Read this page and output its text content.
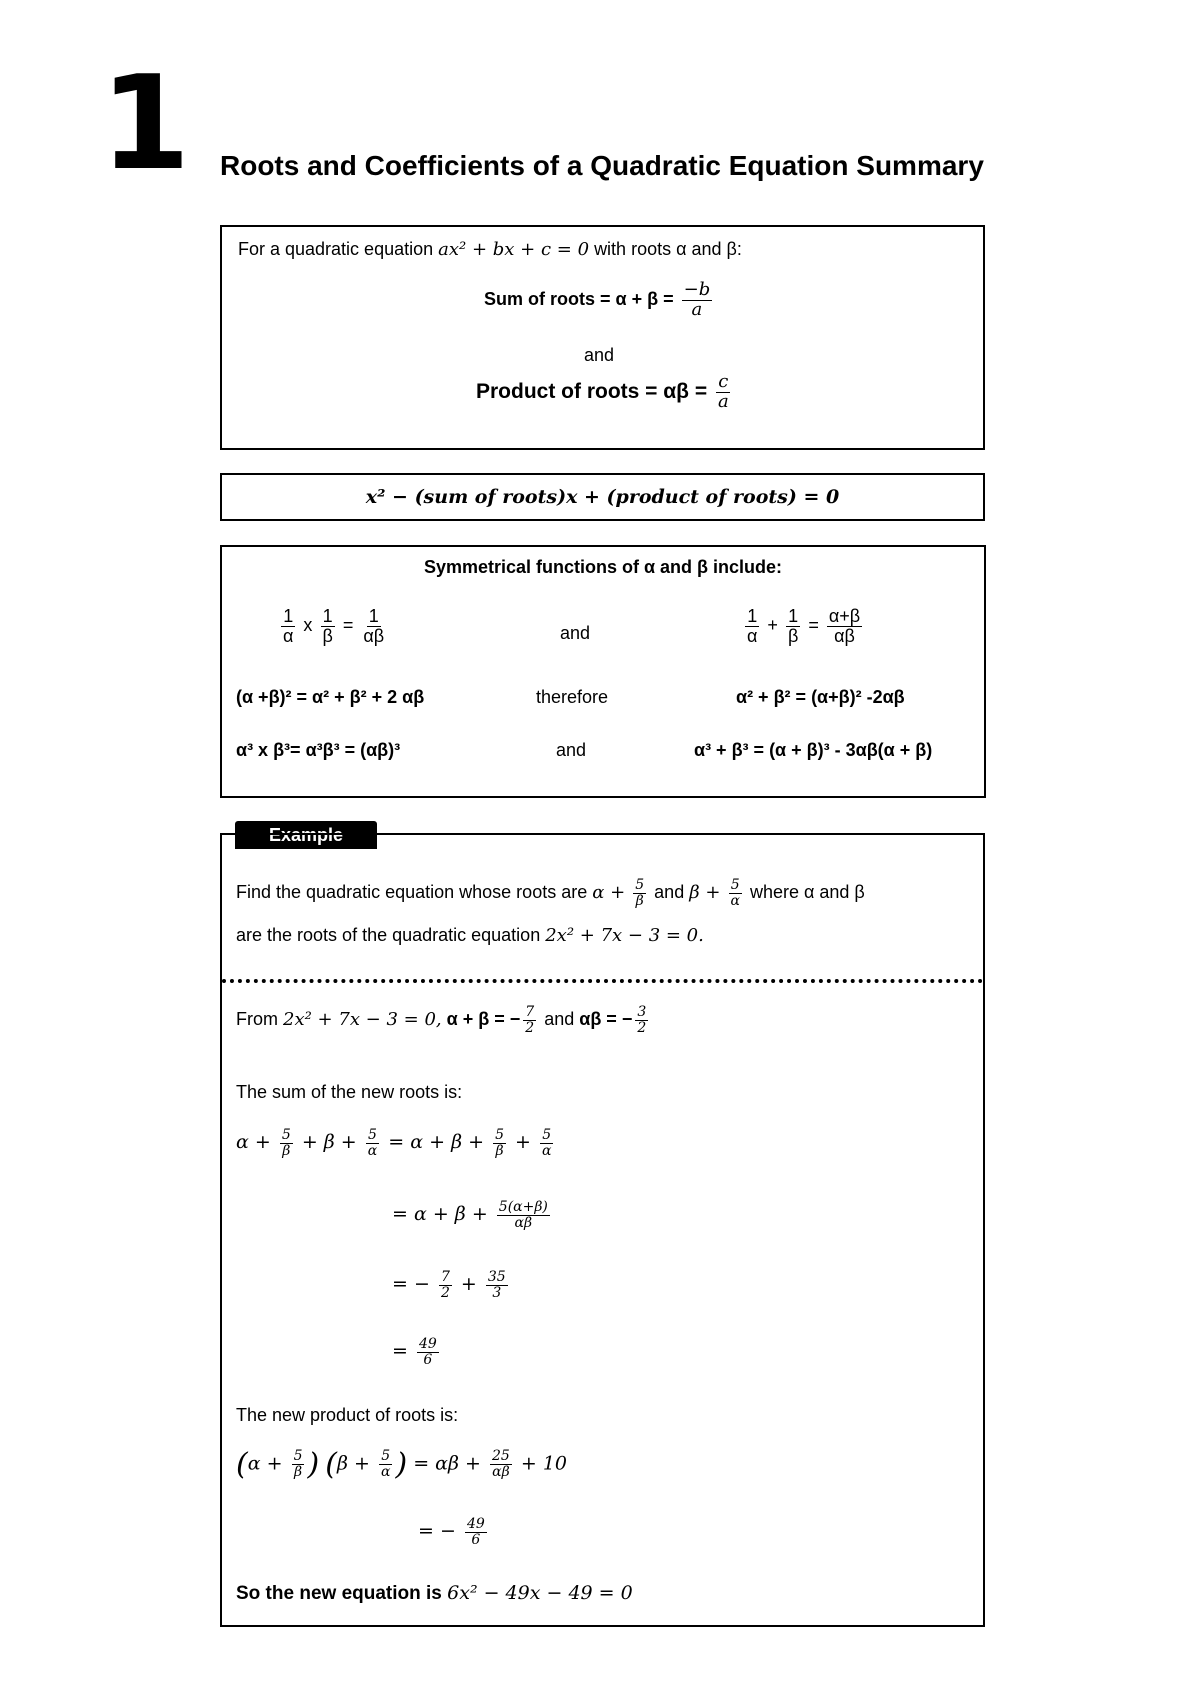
1 Roots and Coefficients of a Quadratic Equation Summary
For a quadratic equation ax² + bx + c = 0 with roots α and β:
Sum of roots = $\alpha + \beta = \frac{-b}{a}$
and
Product of roots = $\alpha\beta = \frac{c}{a}$
x² − (sum of roots)x + (product of roots) = 0
Symmetrical functions of α and β include:
$\frac{1}{\alpha}$ x $\frac{1}{\beta} = \frac{1}{\alpha\beta}$	and	$\frac{1}{\alpha} + \frac{1}{\beta} = \frac{\alpha+\beta}{\alpha\beta}$
(α +β)² = α² + β² + 2 αβ	therefore	α² + β² = (α+β)² -2αβ
α³ x β³= α³β³ = (αβ)³	and	α³ + β³ = (α + β)³ - 3αβ(α + β)
Example
Find the quadratic equation whose roots are $\alpha + \frac{5}{\beta}$ and $\beta + \frac{5}{\alpha}$ where α and β
are the roots of the quadratic equation 2x² + 7x − 3 = 0.
From 2x² + 7x − 3 = 0, α + β = − $\frac{7}{2}$ and αβ = − $\frac{3}{2}$
The sum of the new roots is:
$\alpha + \frac{5}{\beta} + \beta + \frac{5}{\alpha} = \alpha + \beta + \frac{5}{\beta} + \frac{5}{\alpha}$
= $\alpha + \beta + \frac{5(\alpha+\beta)}{\alpha\beta}$
= − $\frac{7}{2} + \frac{35}{3}$
= $\frac{49}{6}$
The new product of roots is:
($\alpha + \frac{5}{\beta}$ ) ($\beta + \frac{5}{\alpha}$ ) = $\alpha\beta + \frac{25}{\alpha\beta} + 10$
= − $\frac{49}{6}$
So the new equation is 6x² − 49x − 49 = 0
